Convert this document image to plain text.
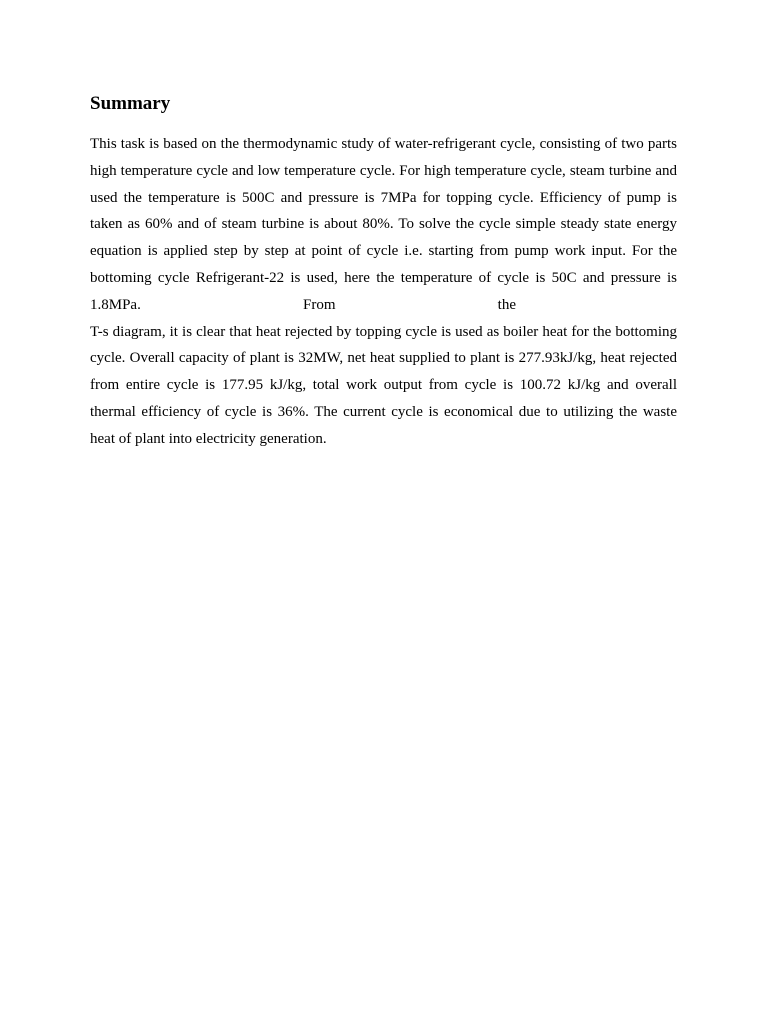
Summary

This task is based on the thermodynamic study of water-refrigerant cycle, consisting of two parts
high temperature cycle and low temperature cycle. For high temperature cycle, steam turbine and
used the temperature is 500C and pressure is 7MPa for topping cycle. Efficiency of pump is
taken as 60% and of steam turbine is about 80%. To solve the cycle simple steady state energy
equation is applied step by step at point of cycle i.e. starting from pump work input. For the
bottoming cycle Refrigerant-22 is used, here the temperature of cycle is 50C and pressure is
1.8MPa. From the
T-s diagram, it is clear that heat rejected by topping cycle is used as boiler heat for the bottoming
cycle. Overall capacity of plant is 32MW, net heat supplied to plant is 277.93kJ/kg, heat rejected
from entire cycle is 177.95 kJ/kg, total work output from cycle is 100.72 kJ/kg and overall
thermal efficiency of cycle is 36%. The current cycle is economical due to utilizing the waste
heat of plant into electricity generation.
